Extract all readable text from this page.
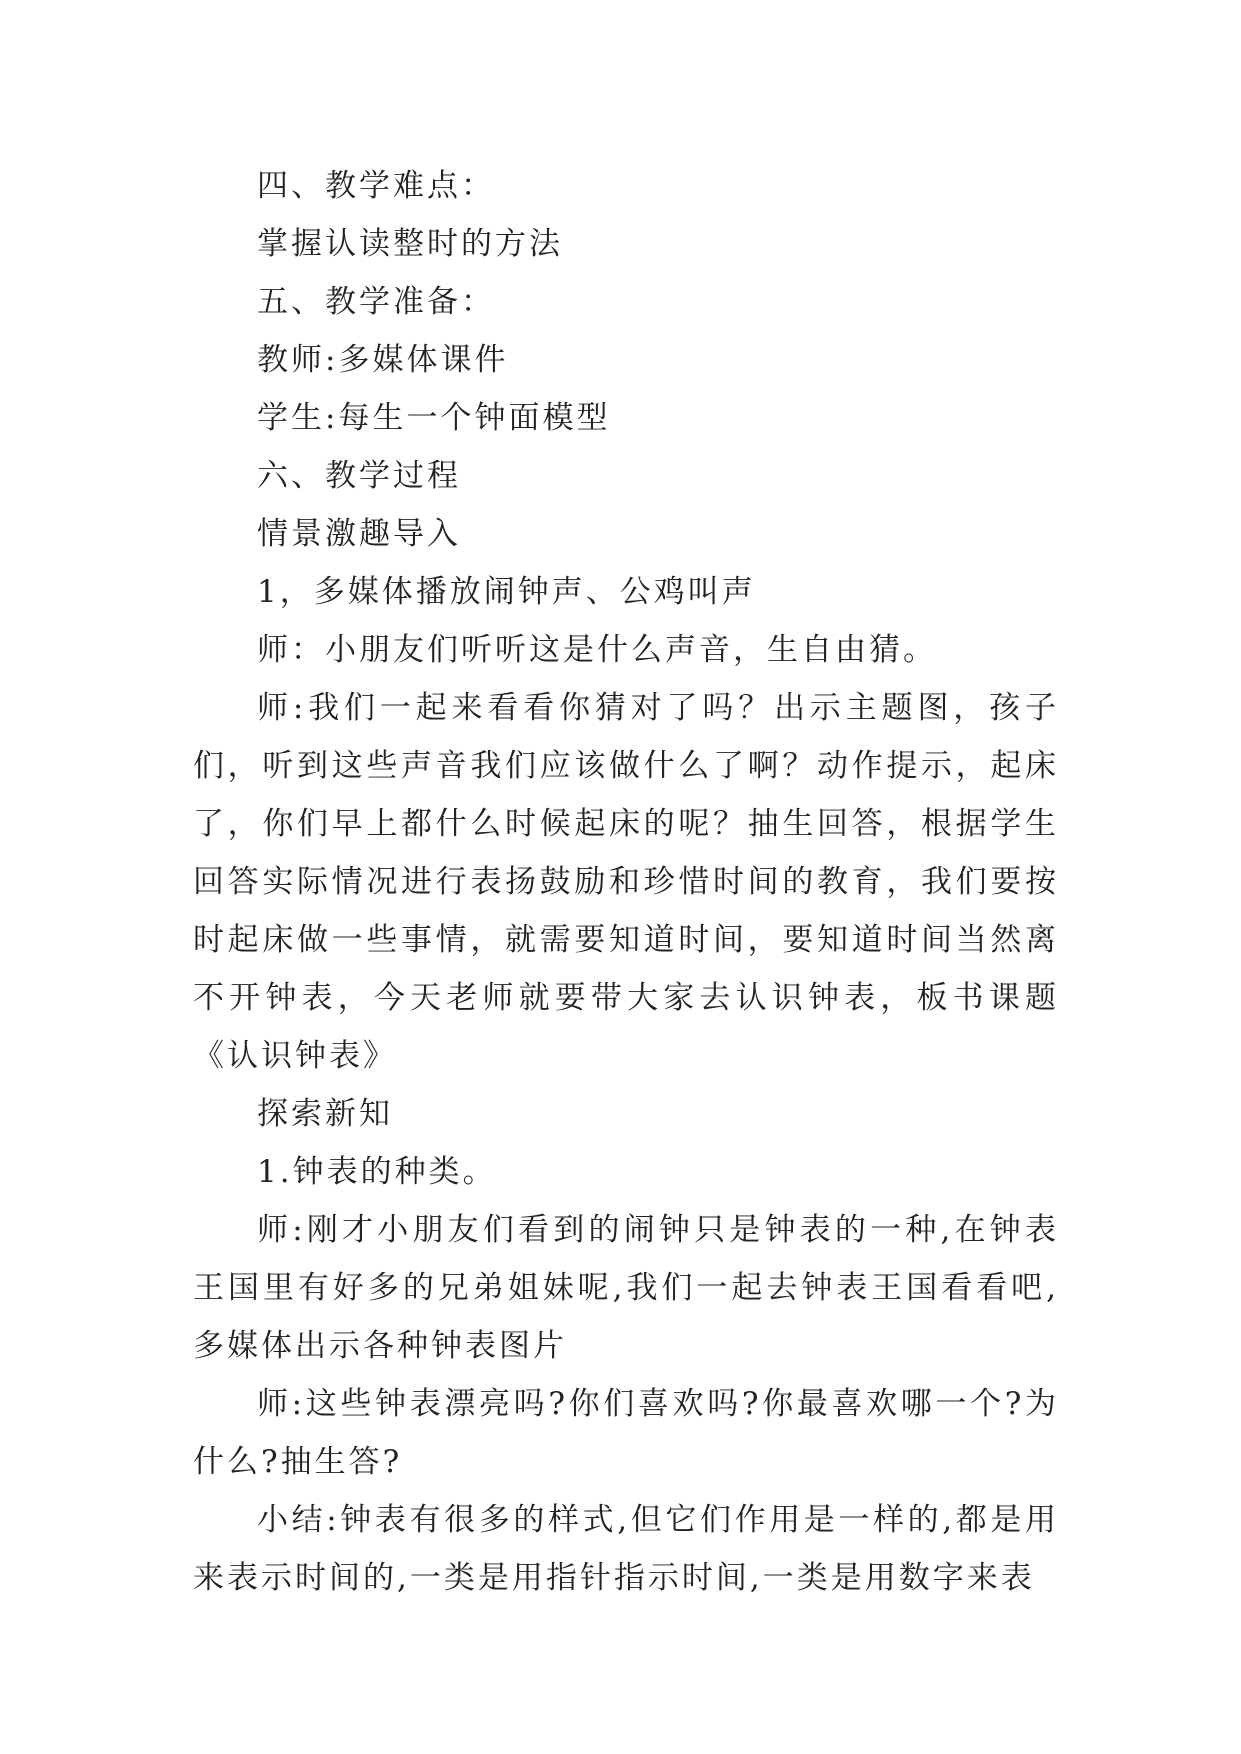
四、教学难点：
掌握认读整时的方法
五、教学准备：
教师:多媒体课件
学生:每生一个钟面模型
六、教学过程
情景激趣导入
1，多媒体播放闹钟声、公鸡叫声
师：小朋友们听听这是什么声音，生自由猜。

师:我们一起来看看你猜对了吗？出示主题图，孩子们，听到这些声音我们应该做什么了啊？动作提示，起床了，你们早上都什么时候起床的呢？抽生回答，根据学生回答实际情况进行表扬鼓励和珍惜时间的教育，我们要按时起床做一些事情，就需要知道时间，要知道时间当然离不开钟表，今天老师就要带大家去认识钟表，板书课题《认识钟表》

探索新知
1.钟表的种类。

师:刚才小朋友们看到的闹钟只是钟表的一种,在钟表王国里有好多的兄弟姐妹呢,我们一起去钟表王国看看吧,多媒体出示各种钟表图片

师:这些钟表漂亮吗?你们喜欢吗?你最喜欢哪一个?为什么?抽生答?

小结:钟表有很多的样式,但它们作用是一样的,都是用来表示时间的,一类是用指针指示时间,一类是用数字来表
